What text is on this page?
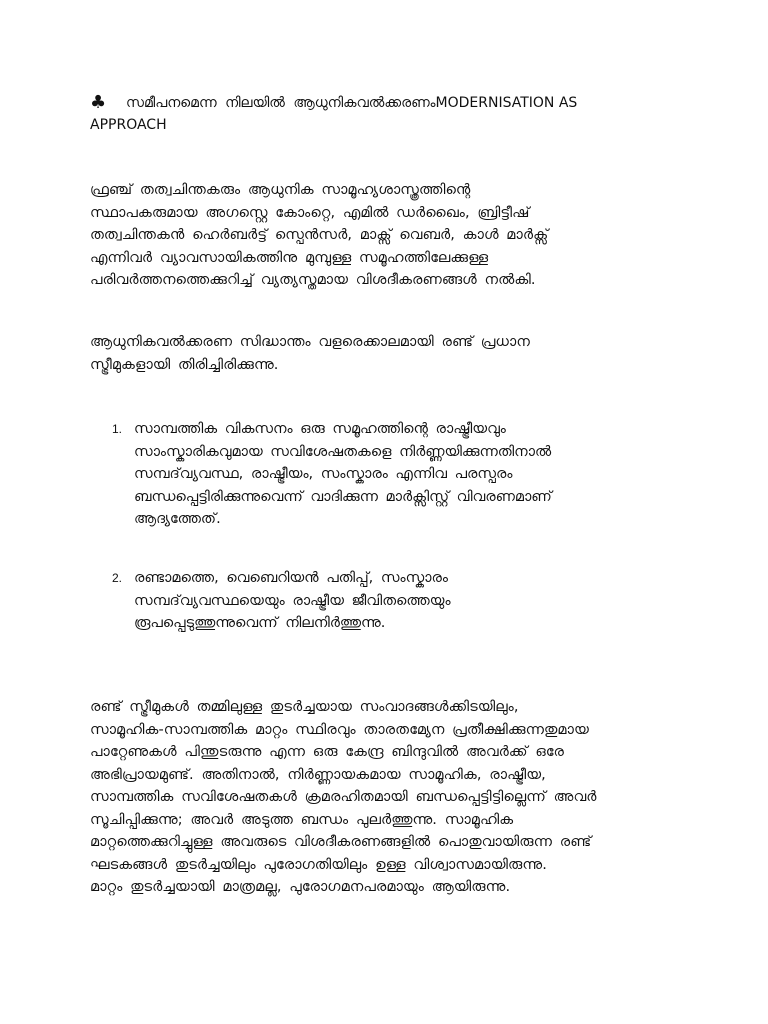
♣ സമീപനമെന്ന നിലയിൽ ആധുനികവൽക്കരണംMODERNISATION AS
APPROACH
ഫ്രഞ്ച് തത്വചിന്തകരും ആധുനിക സാമൂഹ്യശാസ്ത്രത്തിന്റെ
സ്ഥാപകരുമായ അഗസ്റ്റെ കോംറ്റെ, എമിൽ ഡർഖൈം, ബ്രിട്ടീഷ്
തത്വചിന്തകൻ ഹെർബർട്ട് സ്പെൻസർ, മാക്സ് വെബർ, കാൾ മാർക്സ്
എന്നിവർ വ്യാവസായികത്തിനു മുമ്പുള്ള സമൂഹത്തിലേക്കുള്ള
പരിവർത്തനത്തെക്കുറിച്ച് വ്യത്യസ്തമായ വിശദീകരണങ്ങൾ നൽകി.
ആധുനികവൽക്കരണ സിദ്ധാന്തം വളരെക്കാലമായി രണ്ട് പ്രധാന
സ്ട്രീമുകളായി തിരിച്ചിരിക്കുന്നു.
1. സാമ്പത്തിക വികസനം ഒരു സമൂഹത്തിന്റെ രാഷ്ട്രീയവും
സാംസ്കാരികവുമായ സവിശേഷതകളെ നിർണ്ണയിക്കുന്നതിനാൽ
സമ്പദ്‌വ്യവസ്ഥ, രാഷ്ട്രീയം, സംസ്കാരം എന്നിവ പരസ്പരം
ബന്ധപ്പെട്ടിരിക്കുന്നുവെന്ന് വാദിക്കുന്ന മാർക്സിസ്റ്റ് വിവരണമാണ്
ആദ്യത്തേത്.
2. രണ്ടാമത്തെ, വെബെറിയൻ പതിപ്പ്, സംസ്കാരം
സമ്പദ്‌വ്യവസ്ഥയെയും രാഷ്ട്രീയ ജീവിതത്തെയും
രൂപപ്പെടുത്തുന്നുവെന്ന് നിലനിർത്തുന്നു.
രണ്ട് സ്ട്രീമുകൾ തമ്മിലുള്ള തുടർച്ചയായ സംവാദങ്ങൾക്കിടയിലും,
സാമൂഹിക-സാമ്പത്തിക മാറ്റം സ്ഥിരവും താരതമ്യേന പ്രതീക്ഷിക്കുന്നതുമായ
പാറ്റേണുകൾ പിന്തുടരുന്നു എന്ന ഒരു കേന്ദ്ര ബിന്ദുവിൽ അവർക്ക് ഒരേ
അഭിപ്രായമുണ്ട്. അതിനാൽ, നിർണ്ണായകമായ സാമൂഹിക, രാഷ്ട്രീയ,
സാമ്പത്തിക സവിശേഷതകൾ ക്രമരഹിതമായി ബന്ധപ്പെട്ടിട്ടില്ലെന്ന് അവർ
സൂചിപ്പിക്കുന്നു; അവർ അടുത്ത ബന്ധം പുലർത്തുന്നു. സാമൂഹിക
മാറ്റത്തെക്കുറിച്ചുള്ള അവരുടെ വിശദീകരണങ്ങളിൽ പൊതുവായിരുന്ന രണ്ട്
ഘടകങ്ങൾ തുടർച്ചയിലും പുരോഗതിയിലും ഉള്ള വിശ്വാസമായിരുന്നു.
മാറ്റം തുടർച്ചയായി മാത്രമല്ല, പുരോഗമനപരമായും ആയിരുന്നു.
